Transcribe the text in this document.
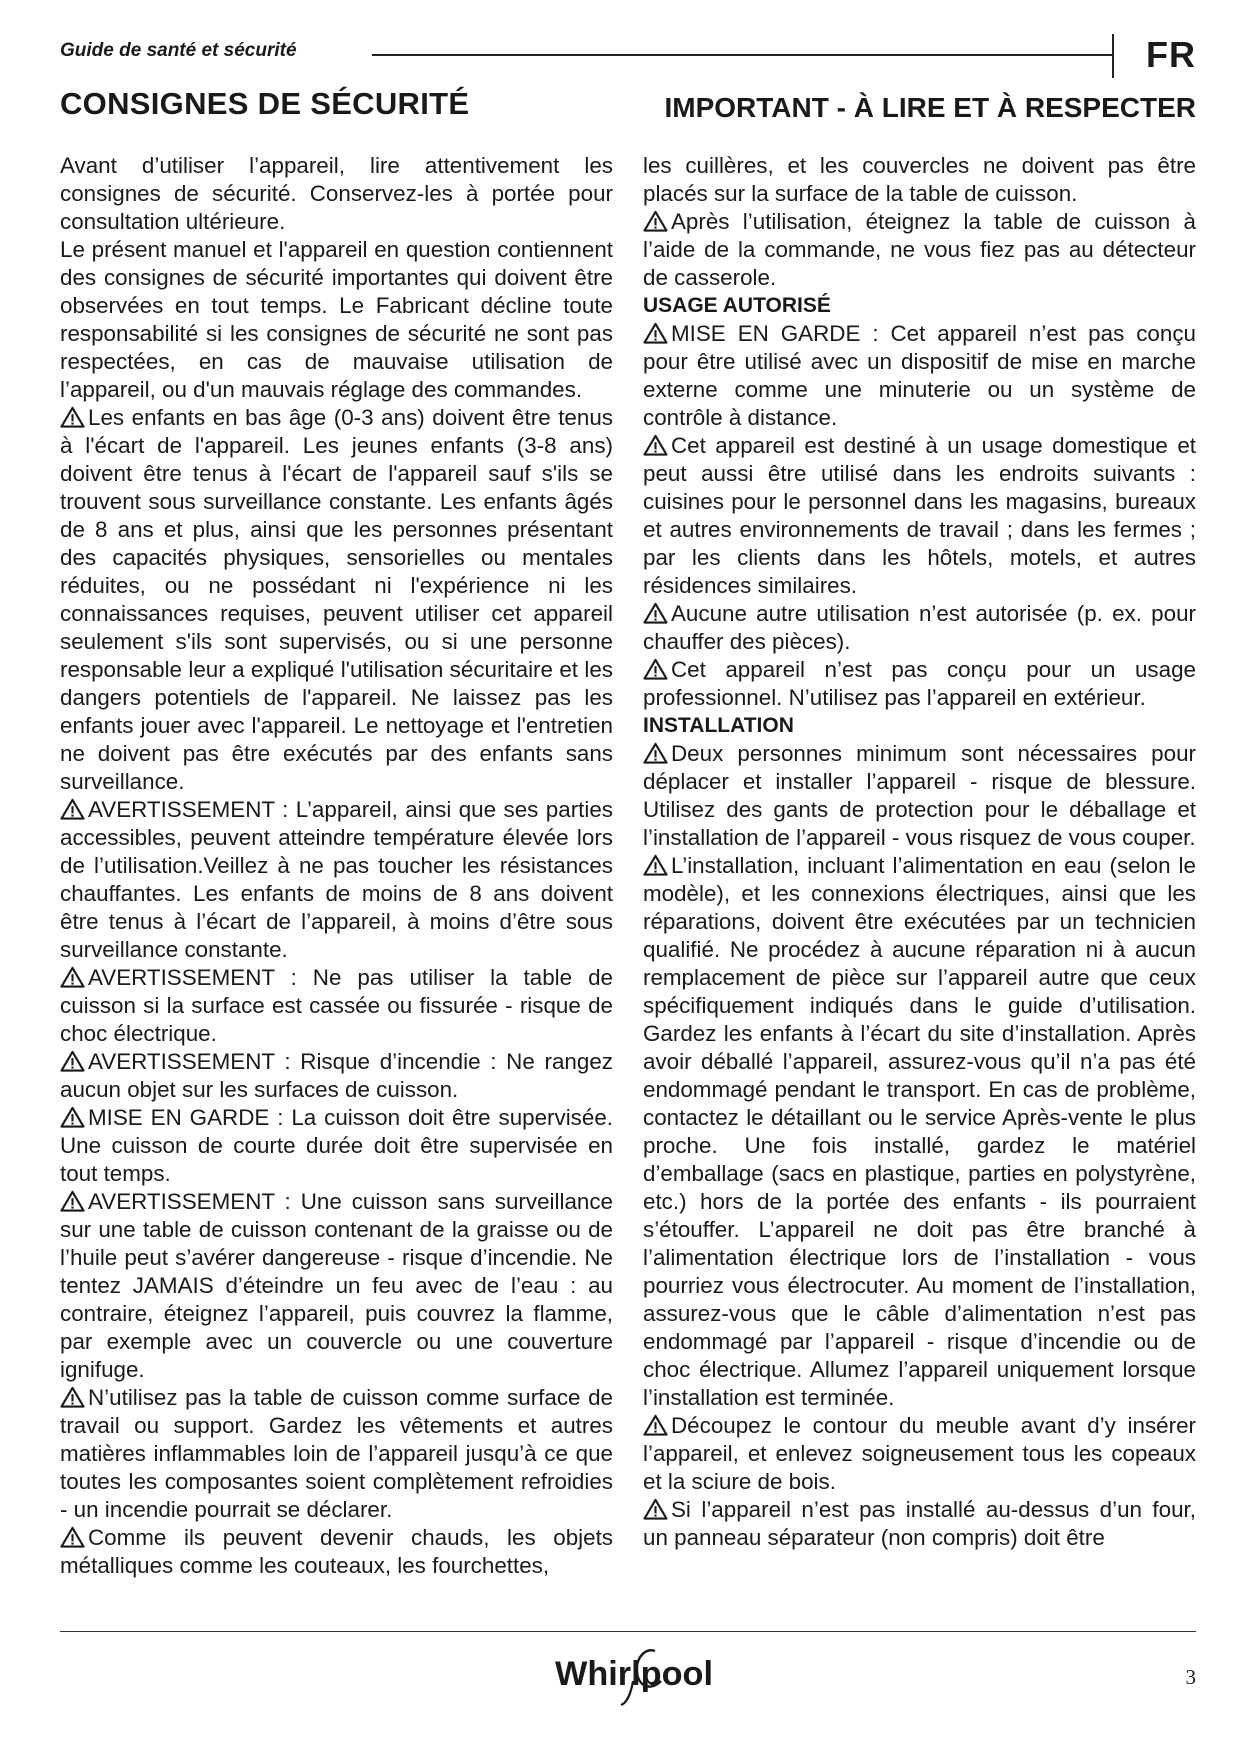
Guide de santé et sécurité	FR
CONSIGNES DE SÉCURITÉ	IMPORTANT - À LIRE ET À RESPECTER

Avant d’utiliser l’appareil, lire attentivement les consignes de sécurité. Conservez-les à portée pour consultation ultérieure.

Le présent manuel et l'appareil en question contiennent des consignes de sécurité importantes qui doivent être observées en tout temps. Le Fabricant décline toute responsabilité si les consignes de sécurité ne sont pas respectées, en cas de mauvaise utilisation de l’appareil, ou d'un mauvais réglage des commandes.

Les enfants en bas âge (0-3 ans) doivent être tenus à l'écart de l'appareil. Les jeunes enfants (3-8 ans) doivent être tenus à l'écart de l'appareil sauf s'ils se trouvent sous surveillance constante. Les enfants âgés de 8 ans et plus, ainsi que les personnes présentant des capacités physiques, sensorielles ou mentales réduites, ou ne possédant ni l'expérience ni les connaissances requises, peuvent utiliser cet appareil seulement s'ils sont supervisés, ou si une personne responsable leur a expliqué l'utilisation sécuritaire et les dangers potentiels de l'appareil. Ne laissez pas les enfants jouer avec l'appareil. Le nettoyage et l'entretien ne doivent pas être exécutés par des enfants sans surveillance.

AVERTISSEMENT : L’appareil, ainsi que ses parties accessibles, peuvent atteindre température élevée lors de l’utilisation.Veillez à ne pas toucher les résistances chauffantes. Les enfants de moins de 8 ans doivent être tenus à l’écart de l’appareil, à moins d’être sous surveillance constante.

AVERTISSEMENT : Ne pas utiliser la table de cuisson si la surface est cassée ou fissurée - risque de choc électrique.

AVERTISSEMENT : Risque d’incendie : Ne rangez aucun objet sur les surfaces de cuisson.

MISE EN GARDE : La cuisson doit être supervisée. Une cuisson de courte durée doit être supervisée en tout temps.

AVERTISSEMENT : Une cuisson sans surveillance sur une table de cuisson contenant de la graisse ou de l’huile peut s’avérer dangereuse - risque d’incendie. Ne tentez JAMAIS d’éteindre un feu avec de l’eau : au contraire, éteignez l’appareil, puis couvrez la flamme, par exemple avec un couvercle ou une couverture ignifuge.

N’utilisez pas la table de cuisson comme surface de travail ou support. Gardez les vêtements et autres matières inflammables loin de l’appareil jusqu’à ce que toutes les composantes soient complètement refroidies - un incendie pourrait se déclarer.

Comme ils peuvent devenir chauds, les objets métalliques comme les couteaux, les fourchettes,

les cuillères, et les couvercles ne doivent pas être placés sur la surface de la table de cuisson.

Après l’utilisation, éteignez la table de cuisson à l’aide de la commande, ne vous fiez pas au détecteur de casserole.

USAGE AUTORISÉ

MISE EN GARDE : Cet appareil n’est pas conçu pour être utilisé avec un dispositif de mise en marche externe comme une minuterie ou un système de contrôle à distance.

Cet appareil est destiné à un usage domestique et peut aussi être utilisé dans les endroits suivants : cuisines pour le personnel dans les magasins, bureaux et autres environnements de travail ; dans les fermes ; par les clients dans les hôtels, motels, et autres résidences similaires.

Aucune autre utilisation n’est autorisée (p. ex. pour chauffer des pièces).

Cet appareil n’est pas conçu pour un usage professionnel. N’utilisez pas l’appareil en extérieur.

INSTALLATION

Deux personnes minimum sont nécessaires pour déplacer et installer l’appareil - risque de blessure. Utilisez des gants de protection pour le déballage et l’installation de l’appareil - vous risquez de vous couper.

L’installation, incluant l’alimentation en eau (selon le modèle), et les connexions électriques, ainsi que les réparations, doivent être exécutées par un technicien qualifié. Ne procédez à aucune réparation ni à aucun remplacement de pièce sur l’appareil autre que ceux spécifiquement indiqués dans le guide d’utilisation. Gardez les enfants à l’écart du site d’installation. Après avoir déballé l’appareil, assurez-vous qu’il n’a pas été endommagé pendant le transport. En cas de problème, contactez le détaillant ou le service Après-vente le plus proche. Une fois installé, gardez le matériel d’emballage (sacs en plastique, parties en polystyrène, etc.) hors de la portée des enfants - ils pourraient s’étouffer. L’appareil ne doit pas être branché à l’alimentation électrique lors de l’installation - vous pourriez vous électrocuter. Au moment de l’installation, assurez-vous que le câble d’alimentation n’est pas endommagé par l’appareil - risque d’incendie ou de choc électrique. Allumez l’appareil uniquement lorsque l’installation est terminée.

Découpez le contour du meuble avant d’y insérer l’appareil, et enlevez soigneusement tous les copeaux et la sciure de bois.

Si l’appareil n’est pas installé au-dessus d’un four, un panneau séparateur (non compris) doit être

Whirlpool	3
